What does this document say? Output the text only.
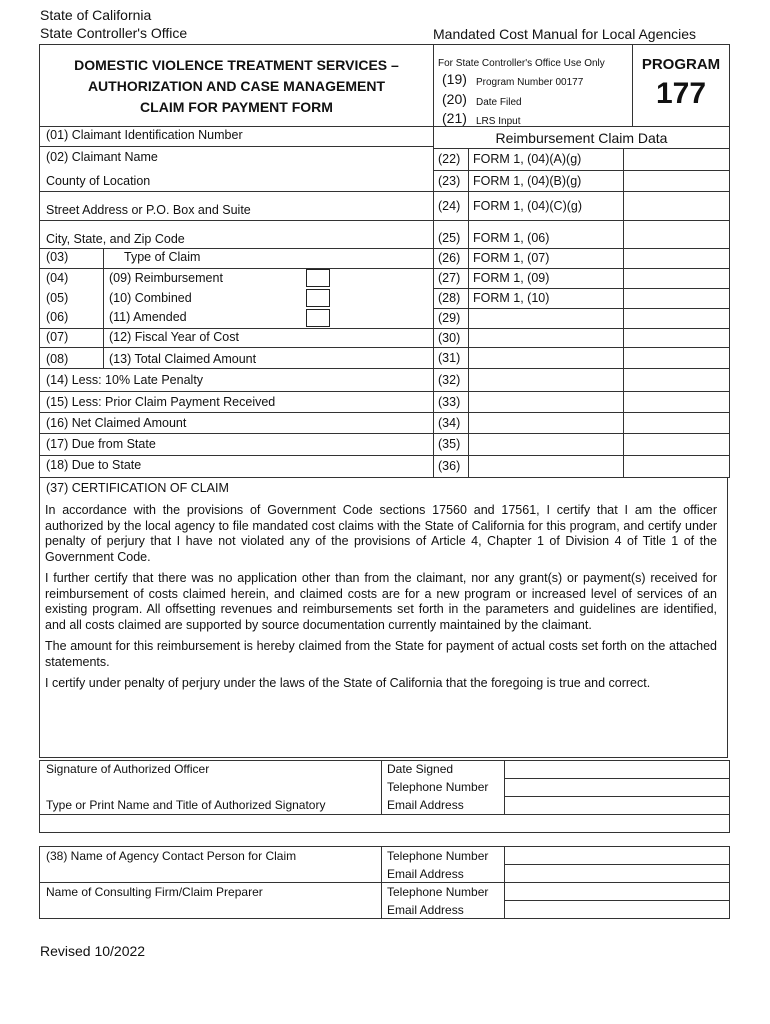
State of California
State Controller's Office	Mandated Cost Manual for Local Agencies
DOMESTIC VIOLENCE TREATMENT SERVICES –
AUTHORIZATION AND CASE MANAGEMENT
CLAIM FOR PAYMENT FORM
For State Controller's Office Use Only
(19) Program Number 00177
(20) Date Filed
(21) LRS Input
PROGRAM
177
(01) Claimant Identification Number
(02) Claimant Name
County of Location
Street Address or P.O. Box and Suite
City, State, and Zip Code
(03)	Type of Claim
(04)	(09) Reimbursement
(05)	(10) Combined
(06)	(11) Amended
(07)	(12) Fiscal Year of Cost
(08)	(13) Total Claimed Amount
(14) Less: 10% Late Penalty
(15) Less: Prior Claim Payment Received
(16) Net Claimed Amount
(17) Due from State
(18) Due to State
Reimbursement Claim Data
(22) FORM 1, (04)(A)(g)
(23) FORM 1, (04)(B)(g)
(24) FORM 1, (04)(C)(g)
(25) FORM 1, (06)
(26) FORM 1, (07)
(27) FORM 1, (09)
(28) FORM 1, (10)
(29)
(30)
(31)
(32)
(33)
(34)
(35)
(36)
(37) CERTIFICATION OF CLAIM

In accordance with the provisions of Government Code sections 17560 and 17561, I certify that I am the officer authorized by the local agency to file mandated cost claims with the State of California for this program, and certify under penalty of perjury that I have not violated any of the provisions of Article 4, Chapter 1 of Division 4 of Title 1 of the Government Code.

I further certify that there was no application other than from the claimant, nor any grant(s) or payment(s) received for reimbursement of costs claimed herein, and claimed costs are for a new program or increased level of services of an existing program. All offsetting revenues and reimbursements set forth in the parameters and guidelines are identified, and all costs claimed are supported by source documentation currently maintained by the claimant.

The amount for this reimbursement is hereby claimed from the State for payment of actual costs set forth on the attached statements.

I certify under penalty of perjury under the laws of the State of California that the foregoing is true and correct.

Signature of Authorized Officer	Date Signed
Telephone Number
Type or Print Name and Title of Authorized Signatory	Email Address
(38) Name of Agency Contact Person for Claim	Telephone Number
Email Address
Name of Consulting Firm/Claim Preparer	Telephone Number
Email Address
Revised 10/2022
